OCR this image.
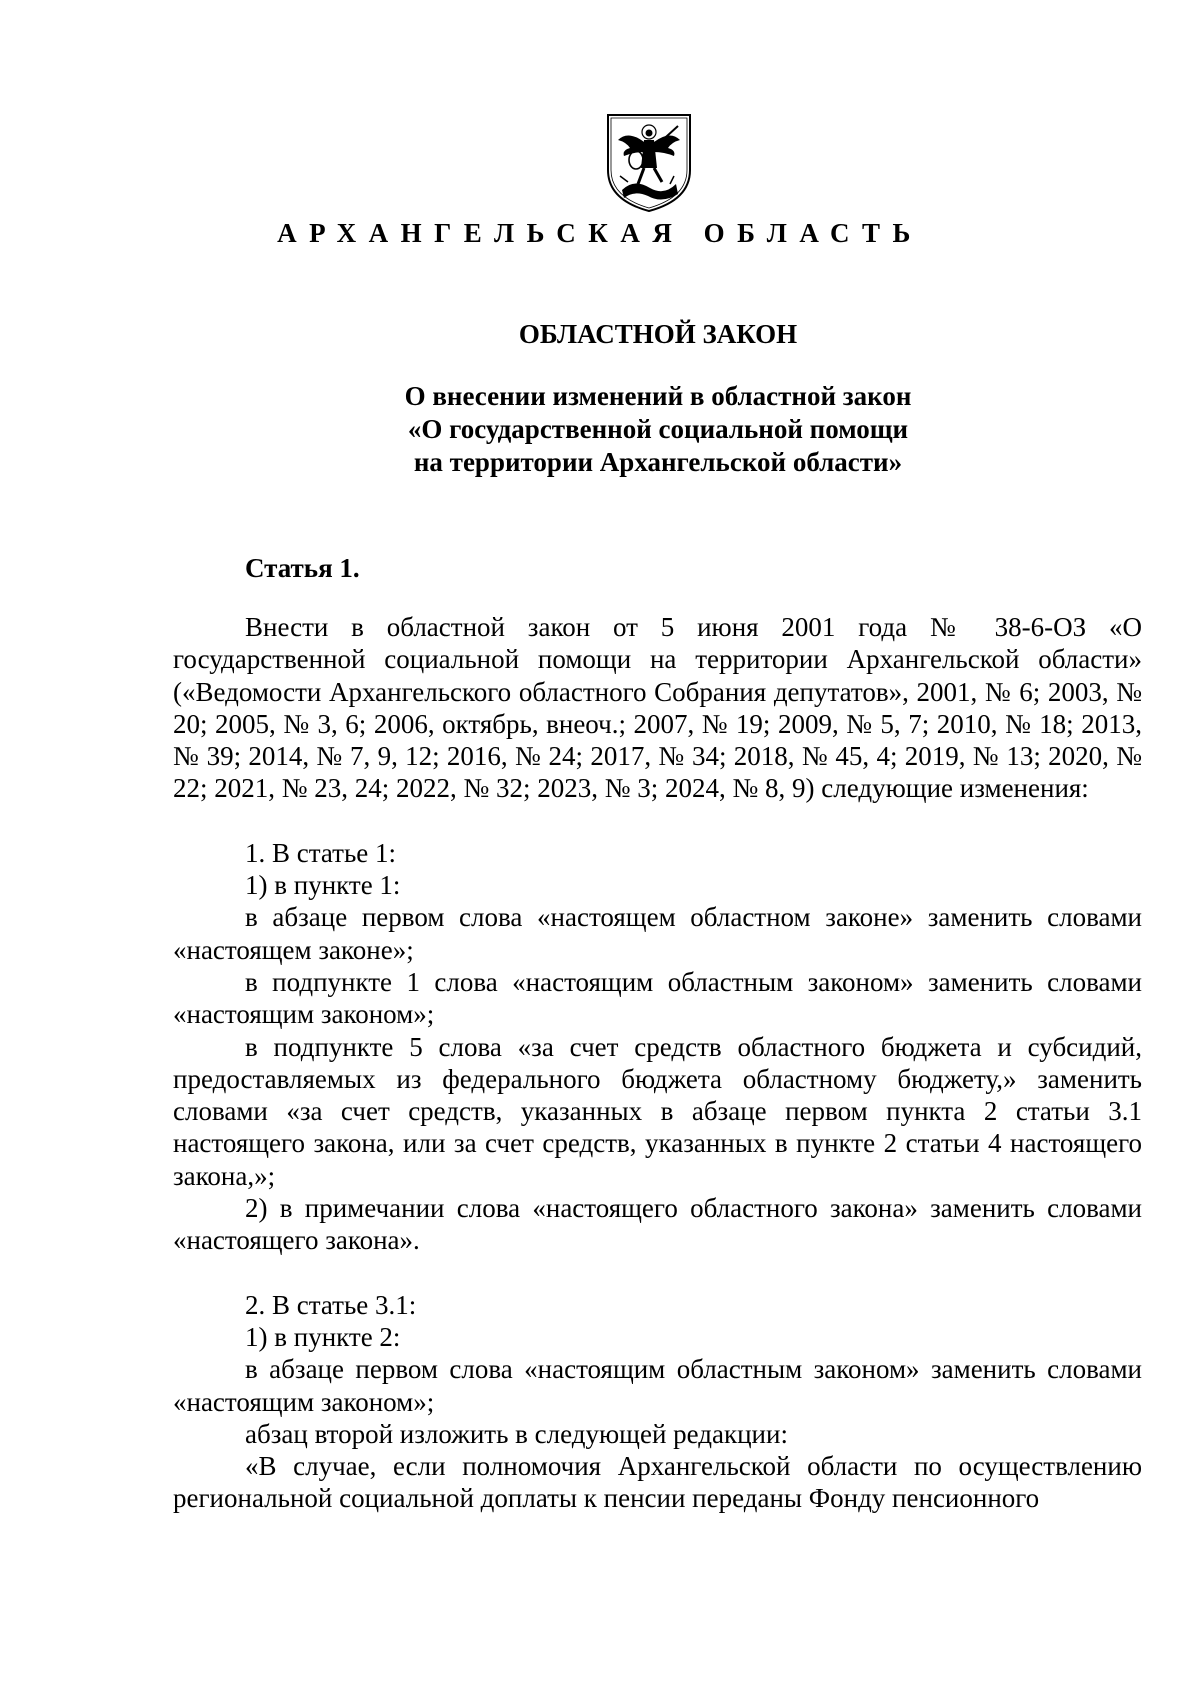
АРХАНГЕЛЬСКАЯ ОБЛАСТЬ
ОБЛАСТНОЙ ЗАКОН
О внесении изменений в областной закон
«О государственной социальной помощи
на территории Архангельской области»
Статья 1.

Внести в областной закон от 5 июня 2001 года № 38-6-ОЗ «О государственной социальной помощи на территории Архангельской области» («Ведомости Архангельского областного Собрания депутатов», 2001, № 6; 2003, № 20; 2005, № 3, 6; 2006, октябрь, внеоч.; 2007, № 19; 2009, № 5, 7; 2010, № 18; 2013, № 39; 2014, № 7, 9, 12; 2016, № 24; 2017, № 34; 2018, № 45, 4; 2019, № 13; 2020, № 22; 2021, № 23, 24; 2022, № 32; 2023, № 3; 2024, № 8, 9) следующие изменения:

1. В статье 1:

1) в пункте 1:

в абзаце первом слова «настоящем областном законе» заменить словами «настоящем законе»;

в подпункте 1 слова «настоящим областным законом» заменить словами «настоящим законом»;

в подпункте 5 слова «за счет средств областного бюджета и субсидий, предоставляемых из федерального бюджета областному бюджету,» заменить словами «за счет средств, указанных в абзаце первом пункта 2 статьи 3.1 настоящего закона, или за счет средств, указанных в пункте 2 статьи 4 настоящего закона,»;

2) в примечании слова «настоящего областного закона» заменить словами «настоящего закона».

2. В статье 3.1:

1) в пункте 2:

в абзаце первом слова «настоящим областным законом» заменить словами «настоящим законом»;

абзац второй изложить в следующей редакции:

«В случае, если полномочия Архангельской области по осуществлению региональной социальной доплаты к пенсии переданы Фонду пенсионного
